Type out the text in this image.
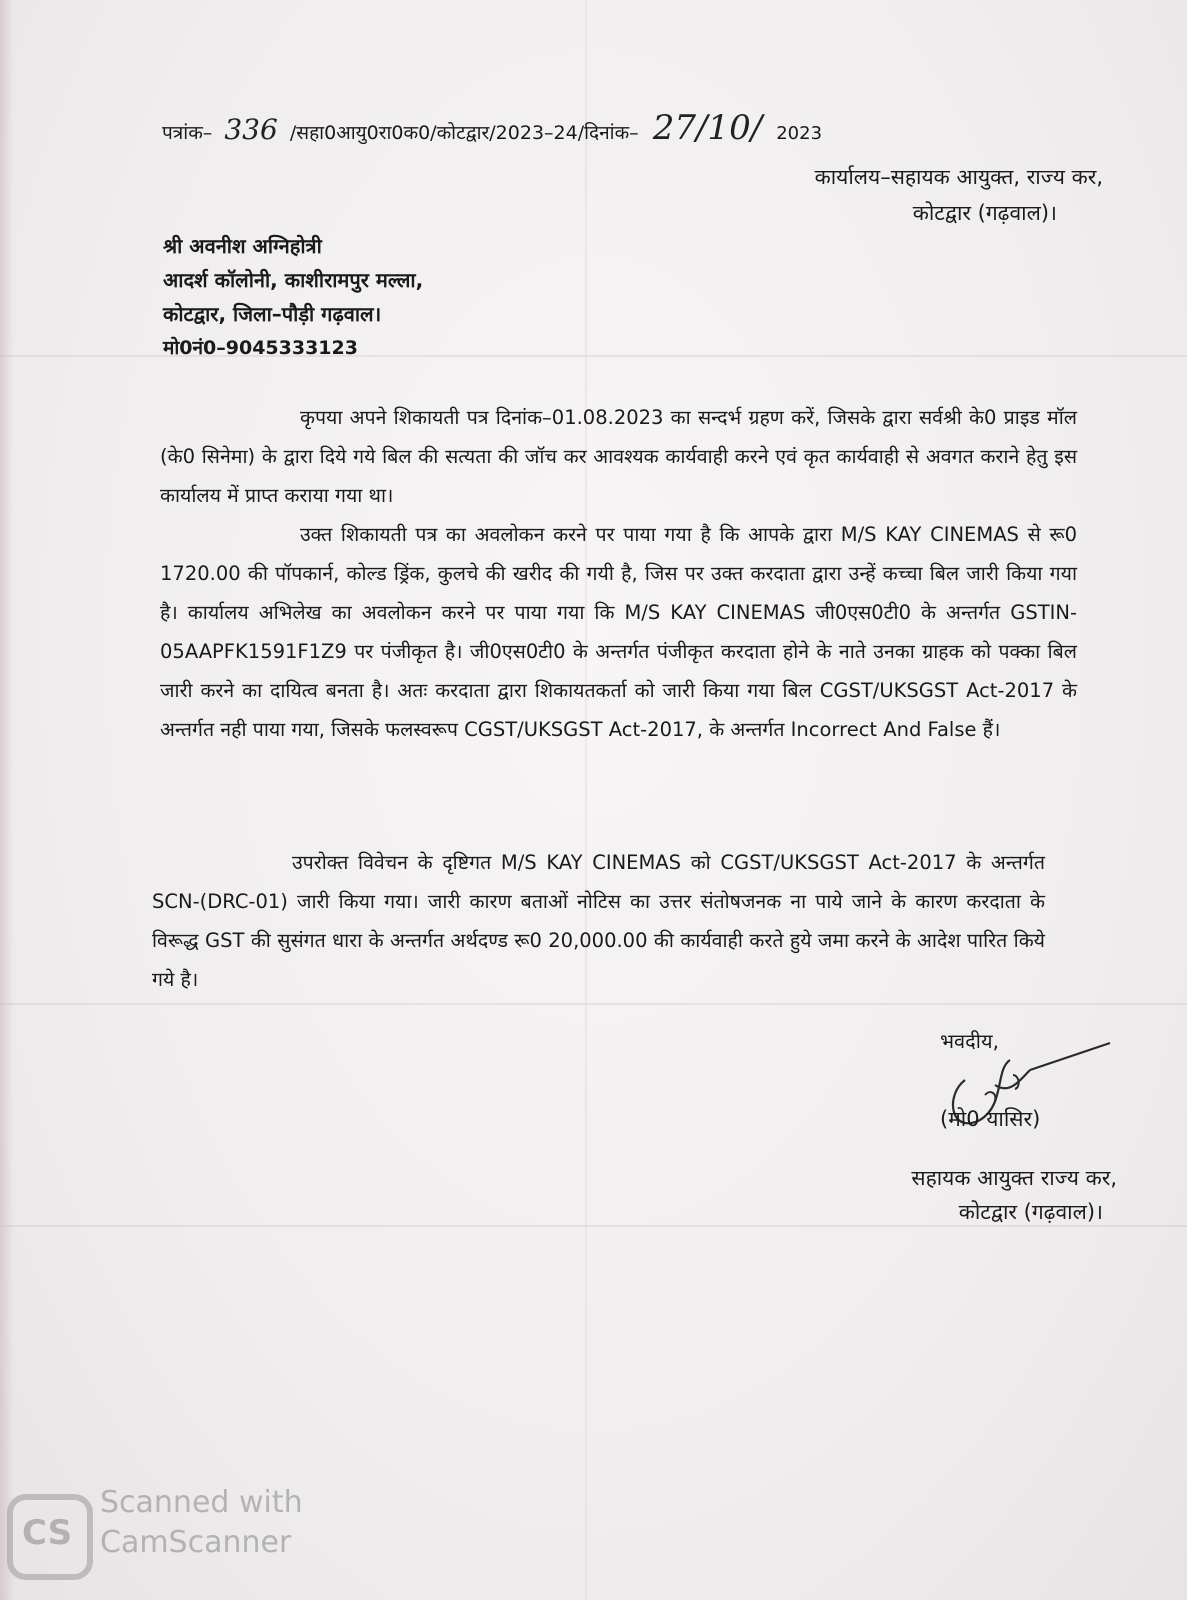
पत्रांक– 336 /सहा0आयु0रा0क0/कोटद्वार/2023–24/दिनांक– 27/10/ 2023
कार्यालय–सहायक आयुक्त, राज्य कर,
कोटद्वार (गढ़वाल)।
श्री अवनीश अग्निहोत्री
आदर्श कॉलोनी, काशीरामपुर मल्ला,
कोटद्वार, जिला–पौड़ी गढ़वाल।
मो0नं0–9045333123

कृपया अपने शिकायती पत्र दिनांक–01.08.2023 का सन्दर्भ ग्रहण करें, जिसके द्वारा सर्वश्री के0 प्राइड मॉल (के0 सिनेमा) के द्वारा दिये गये बिल की सत्यता की जॉच कर आवश्यक कार्यवाही करने एवं कृत कार्यवाही से अवगत कराने हेतु इस कार्यालय में प्राप्त कराया गया था।

उक्त शिकायती पत्र का अवलोकन करने पर पाया गया है कि आपके द्वारा M/S KAY CINEMAS से रू0 1720.00 की पॉपकार्न, कोल्ड ड्रिंक, कुलचे की खरीद की गयी है, जिस पर उक्त करदाता द्वारा उन्हें कच्चा बिल जारी किया गया है। कार्यालय अभिलेख का अवलोकन करने पर पाया गया कि M/S KAY CINEMAS जी0एस0टी0 के अन्तर्गत GSTIN-05AAPFK1591F1Z9 पर पंजीकृत है। जी0एस0टी0 के अन्तर्गत पंजीकृत करदाता होने के नाते उनका ग्राहक को पक्का बिल जारी करने का दायित्व बनता है। अतः करदाता द्वारा शिकायतकर्ता को जारी किया गया बिल CGST/UKSGST Act-2017 के अन्तर्गत नही पाया गया, जिसके फलस्वरूप CGST/UKSGST Act-2017, के अन्तर्गत Incorrect And False हैं।

उपरोक्त विवेचन के दृष्टिगत M/S KAY CINEMAS को CGST/UKSGST Act-2017 के अन्तर्गत SCN-(DRC-01) जारी किया गया। जारी कारण बताओं नोटिस का उत्तर संतोषजनक ना पाये जाने के कारण करदाता के विरूद्ध GST की सुसंगत धारा के अन्तर्गत अर्थदण्ड रू0 20,000.00 की कार्यवाही करते हुये जमा करने के आदेश पारित किये गये है।

भवदीय,
(मो0 यासिर)
सहायक आयुक्त राज्य कर,
कोटद्वार (गढ़वाल)।
CS
Scanned with
CamScanner
